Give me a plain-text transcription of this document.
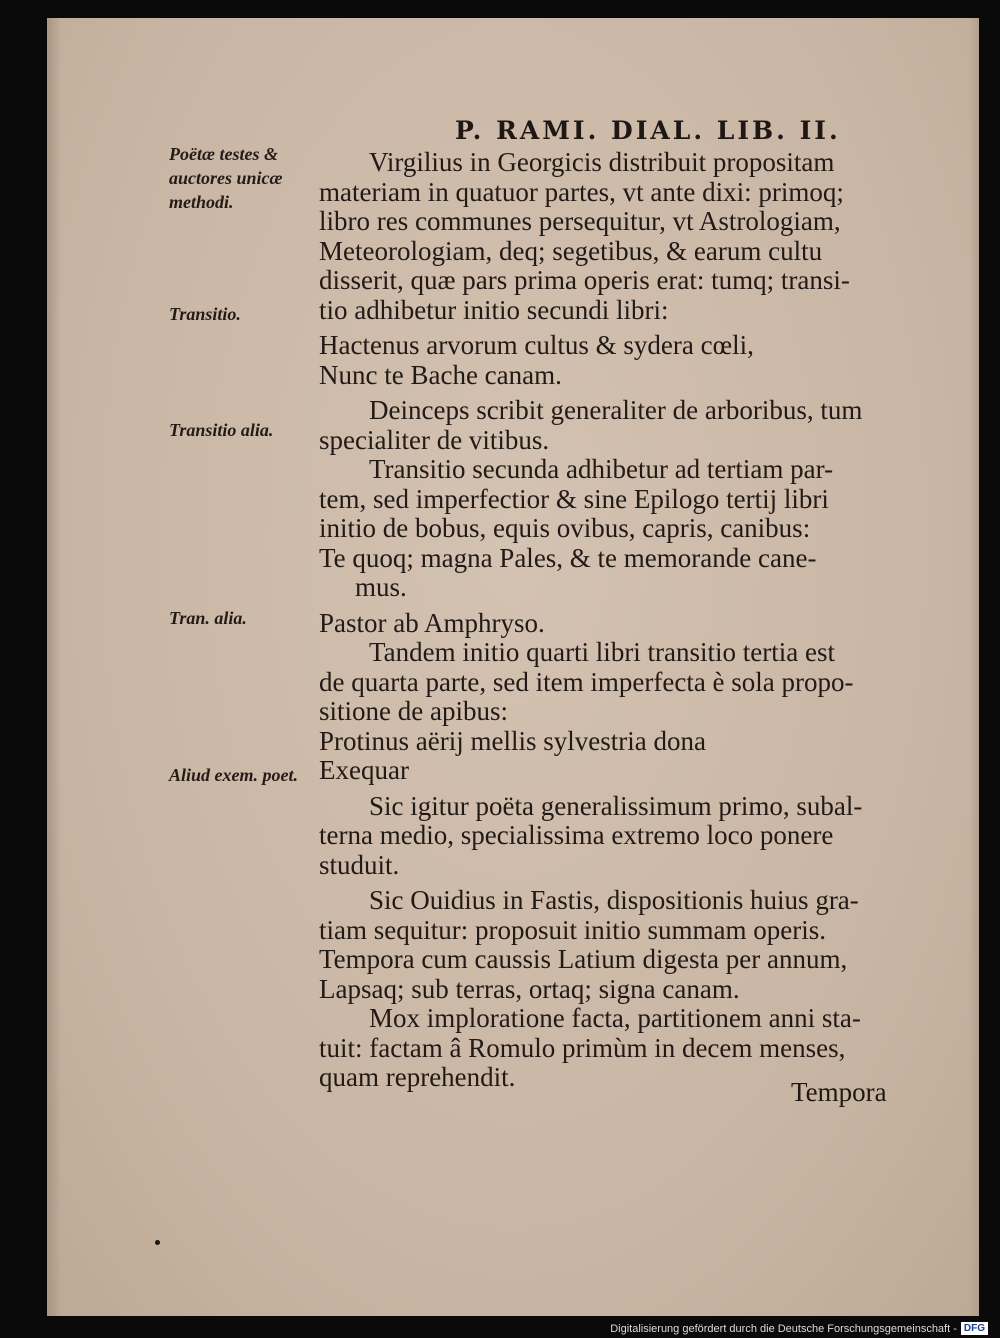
P. RAMI. DIAL. LIB. II.
Poëtæ testes & auctores unicæ methodi.
Transitio.
Transitio alia.
Tran. alia.
Aliud exem. poet.

Virgilius in Georgicis distribuit propositam

materiam in quatuor partes, vt ante dixi: primoq;

libro res communes persequitur, vt Astrologiam,

Meteorologiam, deq; segetibus, & earum cultu

disserit, quæ pars prima operis erat: tumq; transi-

tio adhibetur initio secundi libri:

Hactenus arvorum cultus & sydera cœli,

Nunc te Bache canam.

Deinceps scribit generaliter de arboribus, tum

specialiter de vitibus.

Transitio secunda adhibetur ad tertiam par-

tem, sed imperfectior & sine Epilogo tertij libri

initio de bobus, equis ovibus, capris, canibus:

Te quoq; magna Pales, & te memorande cane-

mus.

Pastor ab Amphryso.

Tandem initio quarti libri transitio tertia est

de quarta parte, sed item imperfecta è sola propo-

sitione de apibus:

Protinus aërij mellis sylvestria dona

Exequar

Sic igitur poëta generalissimum primo, subal-

terna medio, specialissima extremo loco ponere

studuit.

Sic Ouidius in Fastis, dispositionis huius gra-

tiam sequitur: proposuit initio summam operis.

Tempora cum caussis Latium digesta per annum,

Lapsaq; sub terras, ortaq; signa canam.

Mox imploratione facta, partitionem anni sta-

tuit: factam â Romulo primùm in decem menses,

quam reprehendit.	Tempora
Digitalisierung gefördert durch die Deutsche Forschungsgemeinschaft - DFG
